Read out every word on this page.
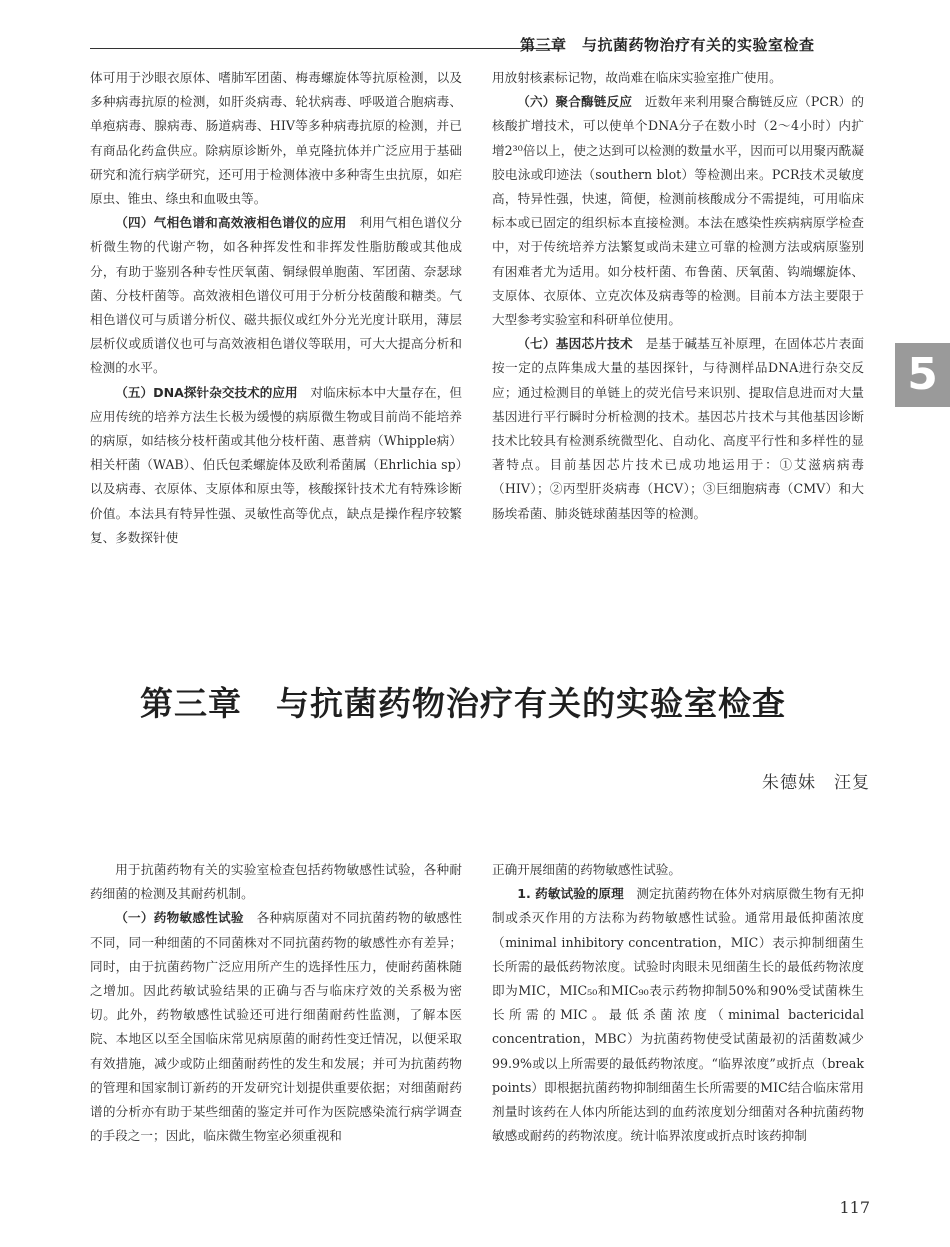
第三章　与抗菌药物治疗有关的实验室检查

体可用于沙眼衣原体、嗜肺军团菌、梅毒螺旋体等抗原检测，以及多种病毒抗原的检测，如肝炎病毒、轮状病毒、呼吸道合胞病毒、单疱病毒、腺病毒、肠道病毒、HIV等多种病毒抗原的检测，并已有商品化药盒供应。除病原诊断外，单克隆抗体并广泛应用于基础研究和流行病学研究，还可用于检测体液中多种寄生虫抗原，如疟原虫、锥虫、绦虫和血吸虫等。

（四）气相色谱和高效液相色谱仪的应用　 利用气相色谱仪分析微生物的代谢产物，如各种挥发性和非挥发性脂肪酸或其他成分，有助于鉴别各种专性厌氧菌、铜绿假单胞菌、军团菌、奈瑟球菌、分枝杆菌等。高效液相色谱仪可用于分析分枝菌酸和糖类。气相色谱仪可与质谱分析仪、磁共振仪或红外分光光度计联用，薄层层析仪或质谱仪也可与高效液相色谱仪等联用，可大大提高分析和检测的水平。

（五）DNA探针杂交技术的应用　 对临床标本中大量存在，但应用传统的培养方法生长极为缓慢的病原微生物或目前尚不能培养的病原，如结核分枝杆菌或其他分枝杆菌、惠普病（Whipple病）相关杆菌（WAB）、伯氏包柔螺旋体及欧利希菌属（Ehrlichia sp）以及病毒、衣原体、支原体和原虫等，核酸探针技术尤有特殊诊断价值。本法具有特异性强、灵敏性高等优点，缺点是操作程序较繁复、多数探针使

用放射核素标记物，故尚难在临床实验室推广使用。

（六）聚合酶链反应　 近数年来利用聚合酶链反应（PCR）的核酸扩增技术，可以使单个DNA分子在数小时（2～4小时）内扩增2³⁰倍以上，使之达到可以检测的数量水平，因而可以用聚丙酰凝胶电泳或印迹法（southern blot）等检测出来。PCR技术灵敏度高，特异性强，快速，简便，检测前核酸成分不需提纯，可用临床标本或已固定的组织标本直接检测。本法在感染性疾病病原学检查中，对于传统培养方法繁复或尚未建立可靠的检测方法或病原鉴别有困难者尤为适用。如分枝杆菌、布鲁菌、厌氧菌、钩端螺旋体、支原体、衣原体、立克次体及病毒等的检测。目前本方法主要限于大型参考实验室和科研单位使用。

（七）基因芯片技术　 是基于碱基互补原理，在固体芯片表面按一定的点阵集成大量的基因探针，与待测样品DNA进行杂交反应；通过检测目的单链上的荧光信号来识别、提取信息进而对大量基因进行平行瞬时分析检测的技术。基因芯片技术与其他基因诊断技术比较具有检测系统微型化、自动化、高度平行性和多样性的显著特点。目前基因芯片技术已成功地运用于：①艾滋病病毒（HIV）；②丙型肝炎病毒（HCV）；③巨细胞病毒（CMV）和大肠埃希菌、肺炎链球菌基因等的检测。

5
第三章　与抗菌药物治疗有关的实验室检查
朱德妹　汪复

用于抗菌药物有关的实验室检查包括药物敏感性试验，各种耐药细菌的检测及其耐药机制。

（一）药物敏感性试验　 各种病原菌对不同抗菌药物的敏感性不同，同一种细菌的不同菌株对不同抗菌药物的敏感性亦有差异；同时，由于抗菌药物广泛应用所产生的选择性压力，使耐药菌株随之增加。因此药敏试验结果的正确与否与临床疗效的关系极为密切。此外，药物敏感性试验还可进行细菌耐药性监测，了解本医院、本地区以至全国临床常见病原菌的耐药性变迁情况，以便采取有效措施，减少或防止细菌耐药性的发生和发展；并可为抗菌药物的管理和国家制订新药的开发研究计划提供重要依据；对细菌耐药谱的分析亦有助于某些细菌的鉴定并可作为医院感染流行病学调查的手段之一；因此，临床微生物室必须重视和

正确开展细菌的药物敏感性试验。

1. 药敏试验的原理　 测定抗菌药物在体外对病原微生物有无抑制或杀灭作用的方法称为药物敏感性试验。通常用最低抑菌浓度（minimal inhibitory concentration，MIC）表示抑制细菌生长所需的最低药物浓度。试验时肉眼未见细菌生长的最低药物浓度即为MIC，MIC₅₀和MIC₉₀表示药物抑制50%和90%受试菌株生长所需的MIC。最低杀菌浓度（minimal bactericidal concentration，MBC）为抗菌药物使受试菌最初的活菌数减少99.9%或以上所需要的最低药物浓度。“临界浓度”或折点（break points）即根据抗菌药物抑制细菌生长所需要的MIC结合临床常用剂量时该药在人体内所能达到的血药浓度划分细菌对各种抗菌药物敏感或耐药的药物浓度。统计临界浓度或折点时该药抑制

117
